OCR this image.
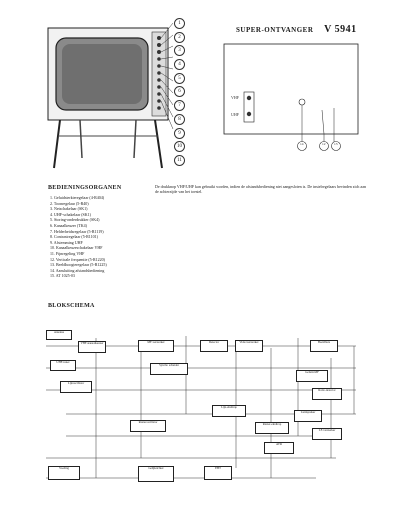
SUPER-ONTVANGER V 5941
1
2
3
4
5
6
7
8
9
10
11
VHF
UHF
14	12 13
BEDIENINGSORGANEN
1. Geluidsterkteregelaar (4-R404)
2. Toonregelaar (5-R40)
3. Netschakelaar (SK1)
4. UHF-schakelaar (SK1)
5. Storing-onderdrukker (SK4)
6. Kanaalkeuzer (TK4)
7. Helderheidsregelaar (5-R1119)
8. Contrastregelaar (5-R1101)
9. Afstemming UHF
10. Kanaalkeuzeschakelaar VHF
11. Fijnregeling VHF
12. Verticale frequentie (5-R1220)
13. Beeldhoogteregelaar (5-R1225)
14. Aansluiting afstandsbediening
15. AT 1025-03
De drukknop VHF/UHF kan gebruikt worden, indien de afstandsbediening niet aangesloten is. De instelregelaars bevinden zich aan de achterzijde van het toestel.
BLOKSCHEMA
Antenne
VHF-kanaalkeuzer
UHF-tuner
MF-versterker	Detector	Videoversterker	Beeldbuis
Synchr. scheider
Lijnoscillator
Rasteroscillator
Lijn-eindtrap
Raster-eindtrap
Geluid-MF
Ratio-detector
LF-versterker
Luidspreker
Voeding	Gelijkrichter	EHT
AVR
